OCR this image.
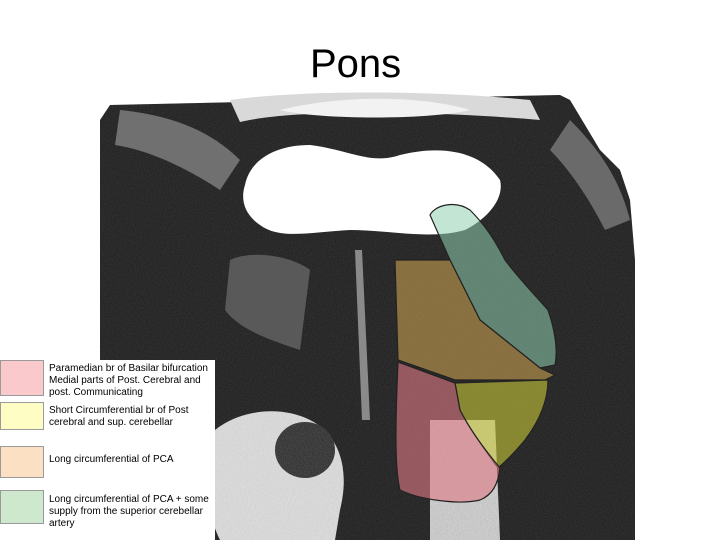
Pons
Paramedian br of Basilar bifurcation
Medial parts of Post. Cerebral and
post. Communicating
Short Circumferential br of Post
cerebral and sup. cerebellar
Long circumferential of PCA
Long circumferential of PCA + some
supply from the superior cerebellar
artery
